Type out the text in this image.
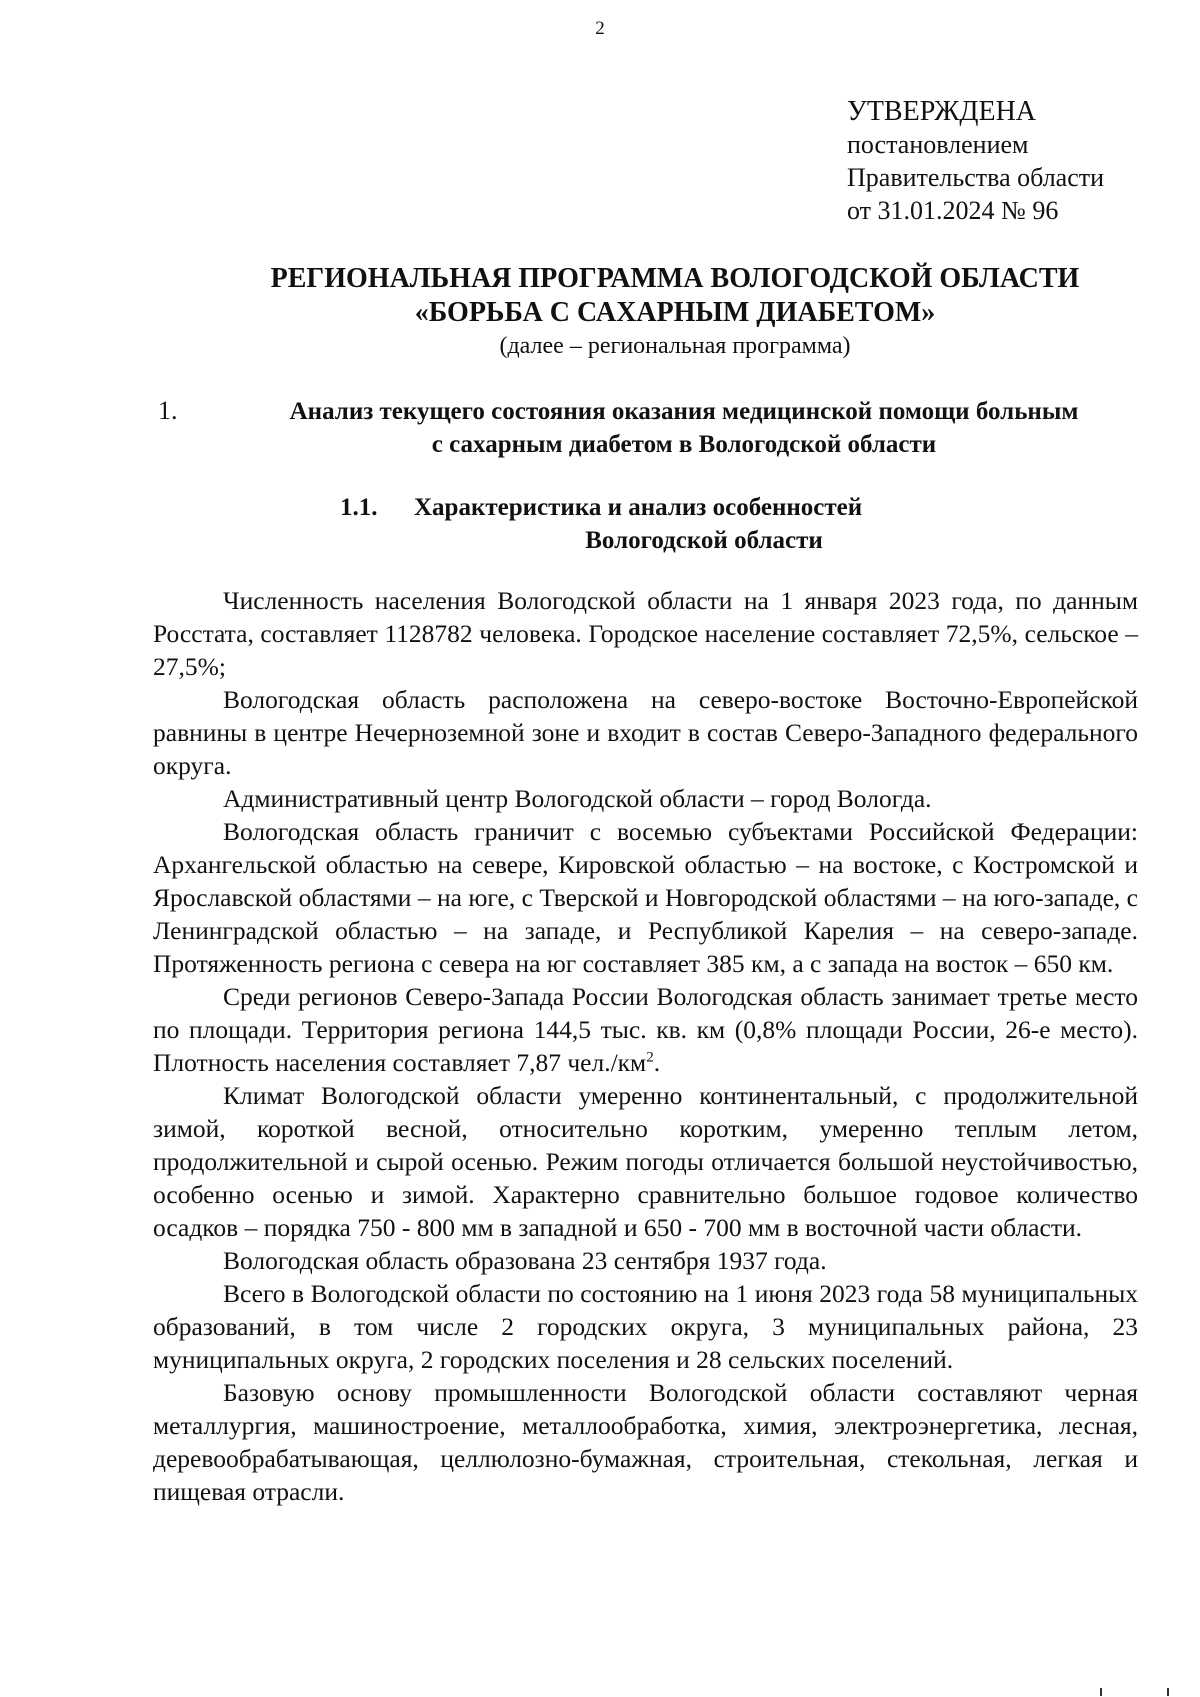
2
УТВЕРЖДЕНА
постановлением
Правительства области
от 31.01.2024 № 96
РЕГИОНАЛЬНАЯ ПРОГРАММА ВОЛОГОДСКОЙ ОБЛАСТИ
«БОРЬБА С САХАРНЫМ ДИАБЕТОМ»
(далее – региональная программа)
1.	Анализ текущего состояния оказания медицинской помощи больным
с сахарным диабетом в Вологодской области
1.1. Характеристика и анализ особенностей
Вологодской области

Численность населения Вологодской области на 1 января 2023 года, по данным Росстата, составляет 1128782 человека. Городское население составляет 72,5%, сельское – 27,5%;

Вологодская область расположена на северо-востоке Восточно-Европейской равнины в центре Нечерноземной зоне и входит в состав Северо-Западного федерального округа.

Административный центр Вологодской области – город Вологда.

Вологодская область граничит с восемью субъектами Российской Федерации: Архангельской областью на севере, Кировской областью – на востоке, с Костромской и Ярославской областями – на юге, с Тверской и Новгородской областями – на юго-западе, с Ленинградской областью – на западе, и Республикой Карелия – на северо-западе. Протяженность региона с севера на юг составляет 385 км, а с запада на восток – 650 км.

Среди регионов Северо-Запада России Вологодская область занимает третье место по площади. Территория региона 144,5 тыс. кв. км (0,8% площади России, 26-е место). Плотность населения составляет 7,87 $чел./км^2$.

Климат Вологодской области умеренно континентальный, с продолжительной зимой, короткой весной, относительно коротким, умеренно теплым летом, продолжительной и сырой осенью. Режим погоды отличается большой неустойчивостью, особенно осенью и зимой. Характерно сравнительно большое годовое количество осадков – порядка 750 - 800 мм в западной и 650 - 700 мм в восточной части области.

Вологодская область образована 23 сентября 1937 года.

Всего в Вологодской области по состоянию на 1 июня 2023 года 58 муниципальных образований, в том числе 2 городских округа, 3 муниципальных района, 23 муниципальных округа, 2 городских поселения и 28 сельских поселений.

Базовую основу промышленности Вологодской области составляют черная металлургия, машиностроение, металлообработка, химия, электроэнергетика, лесная, деревообрабатывающая, целлюлозно-бумажная, строительная, стекольная, легкая и пищевая отрасли.
